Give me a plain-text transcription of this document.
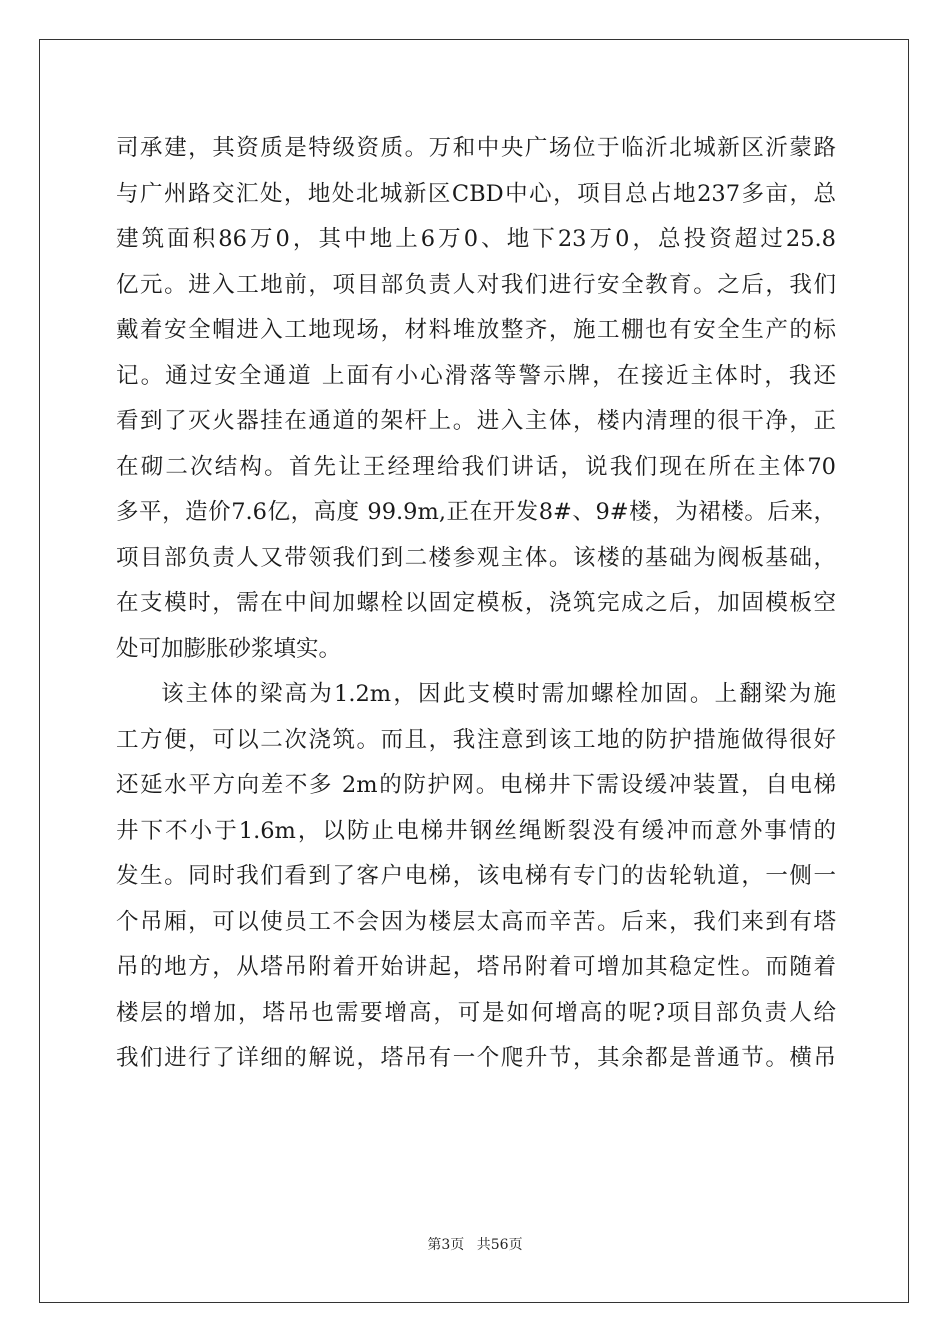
司承建，其资质是特级资质。万和中央广场位于临沂北城新区沂蒙路
与广州路交汇处，地处北城新区CBD中心，项目总占地237多亩，总
建筑面积86万0，其中地上6万0、地下23万0，总投资超过25.8
亿元。进入工地前，项目部负责人对我们进行安全教育。之后，我们
戴着安全帽进入工地现场，材料堆放整齐，施工棚也有安全生产的标
记。通过安全通道 上面有小心滑落等警示牌，在接近主体时，我还
看到了灭火器挂在通道的架杆上。进入主体，楼内清理的很干净，正
在砌二次结构。首先让王经理给我们讲话，说我们现在所在主体70
多平，造价7.6亿，高度 99.9m,正在开发8#、9#楼，为裙楼。后来，
项目部负责人又带领我们到二楼参观主体。该楼的基础为阀板基础，
在支模时，需在中间加螺栓以固定模板，浇筑完成之后，加固模板空
处可加膨胀砂浆填实。
该主体的梁高为1.2m，因此支模时需加螺栓加固。上翻梁为施
工方便，可以二次浇筑。而且，我注意到该工地的防护措施做得很好
还延水平方向差不多 2m的防护网。电梯井下需设缓冲装置，自电梯
井下不小于1.6m，以防止电梯井钢丝绳断裂没有缓冲而意外事情的
发生。同时我们看到了客户电梯，该电梯有专门的齿轮轨道，一侧一
个吊厢，可以使员工不会因为楼层太高而辛苦。后来，我们来到有塔
吊的地方，从塔吊附着开始讲起，塔吊附着可增加其稳定性。而随着
楼层的增加，塔吊也需要增高，可是如何增高的呢?项目部负责人给
我们进行了详细的解说，塔吊有一个爬升节，其余都是普通节。横吊
第3页 共56页
